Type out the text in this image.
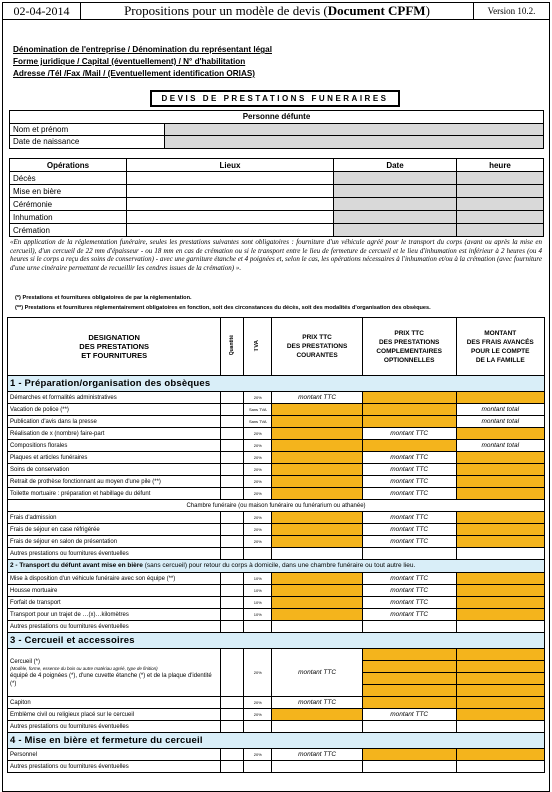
02-04-2014	Propositions pour un modèle de devis ( Document CPFM )	Version 10.2.
Dénomination de l'entreprise / Dénomination du représentant légal
Forme juridique / Capital (éventuellement) / N° d'habilitation
Adresse /Tél /Fax /Mail / (Eventuellement identification ORIAS)
DEVIS DE PRESTATIONS FUNERAIRES
Personne défunte	
Nom et prénom	
Date de naissance	
Opérations	Lieux	Date	heure
Décès			
Mise en bière			
Cérémonie			
Inhumation			
Crémation			
«En application de la réglementation funéraire, seules les prestations suivantes sont obligatoires : fourniture d'un véhicule agréé pour le transport du corps (avant ou après la mise en cercueil), d'un cercueil de 22 mm d'épaisseur - ou 18 mm en cas de crémation ou si le transport entre le lieu de fermeture de cercueil et le lieu d'inhumation est inférieur à 2 heures (ou 4 heures si le corps a reçu des soins de conservation) - avec une garniture étanche et 4 poignées et, selon le cas, les opérations nécessaires à l'inhumation et/ou à la crémation (avec fourniture d'une urne cinéraire permettant de recueillir les cendres issues de la crémation) ».
(*) Prestations et fournitures obligatoires de par la réglementation.
(**) Prestations et fournitures réglementairement obligatoires en fonction, soit des circonstances du décès, soit des modalités d'organisation des obsèques.
DESIGNATION
DES PRESTATIONS
ET FOURNITURES	Quantité	TVA	PRIX TTC
DES PRESTATIONS
COURANTES	PRIX TTC
DES PRESTATIONS
COMPLEMENTAIRES
OPTIONNELLES	MONTANT
DES FRAIS AVANCÉS
POUR LE COMPTE
DE LA FAMILLE
1 - Préparation/organisation des obsèques					
Démarches et formalités administratives		20%	montant TTC		
Vacation de police (**)		Sans TVA			montant total
Publication d'avis dans la presse		Sans TVA			montant total
Réalisation de x (nombre) faire-part		20%		montant TTC	
Compositions florales		20%			montant total
Plaques et articles funéraires		20%		montant TTC	
Soins de conservation		20%		montant TTC	
Retrait de prothèse fonctionnant au moyen d'une pile (**)		20%		montant TTC	
Toilette mortuaire : préparation et habillage du défunt		20%		montant TTC	
Chambre funéraire (ou maison funéraire ou funérarium ou athanée)					
Frais d'admission		20%		montant TTC	
Frais de séjour en case réfrigérée		20%		montant TTC	
Frais de séjour en salon de présentation		20%		montant TTC	
Autres prestations ou fournitures éventuelles					
2 - Transport du défunt avant mise en bière (sans cercueil) pour retour du corps à domicile, dans une chambre funéraire ou tout autre lieu.					
Mise à disposition d'un véhicule funéraire avec son équipe (**)		10%		montant TTC	
Housse mortuaire		10%		montant TTC	
Forfait de transport		10%		montant TTC	
Transport pour un trajet de …(x)…kilomètres		10%		montant TTC	
Autres prestations ou fournitures éventuelles					
3 - Cercueil et accessoires					

Cercueil (*)
(Modèle, forme, essence du bois ou autre matériau agréé, type de finition)
équipé de 4 poignées (*), d'une cuvette étanche (*) et de la plaque d'identité (*)		20%	montant TTC		

Capiton		20%	montant TTC		
Emblème civil ou religieux placé sur le cercueil		20%		montant TTC	
Autres prestations ou fournitures éventuelles					
4 - Mise en bière et fermeture du cercueil					
Personnel		20%	montant TTC		
Autres prestations ou fournitures éventuelles					
